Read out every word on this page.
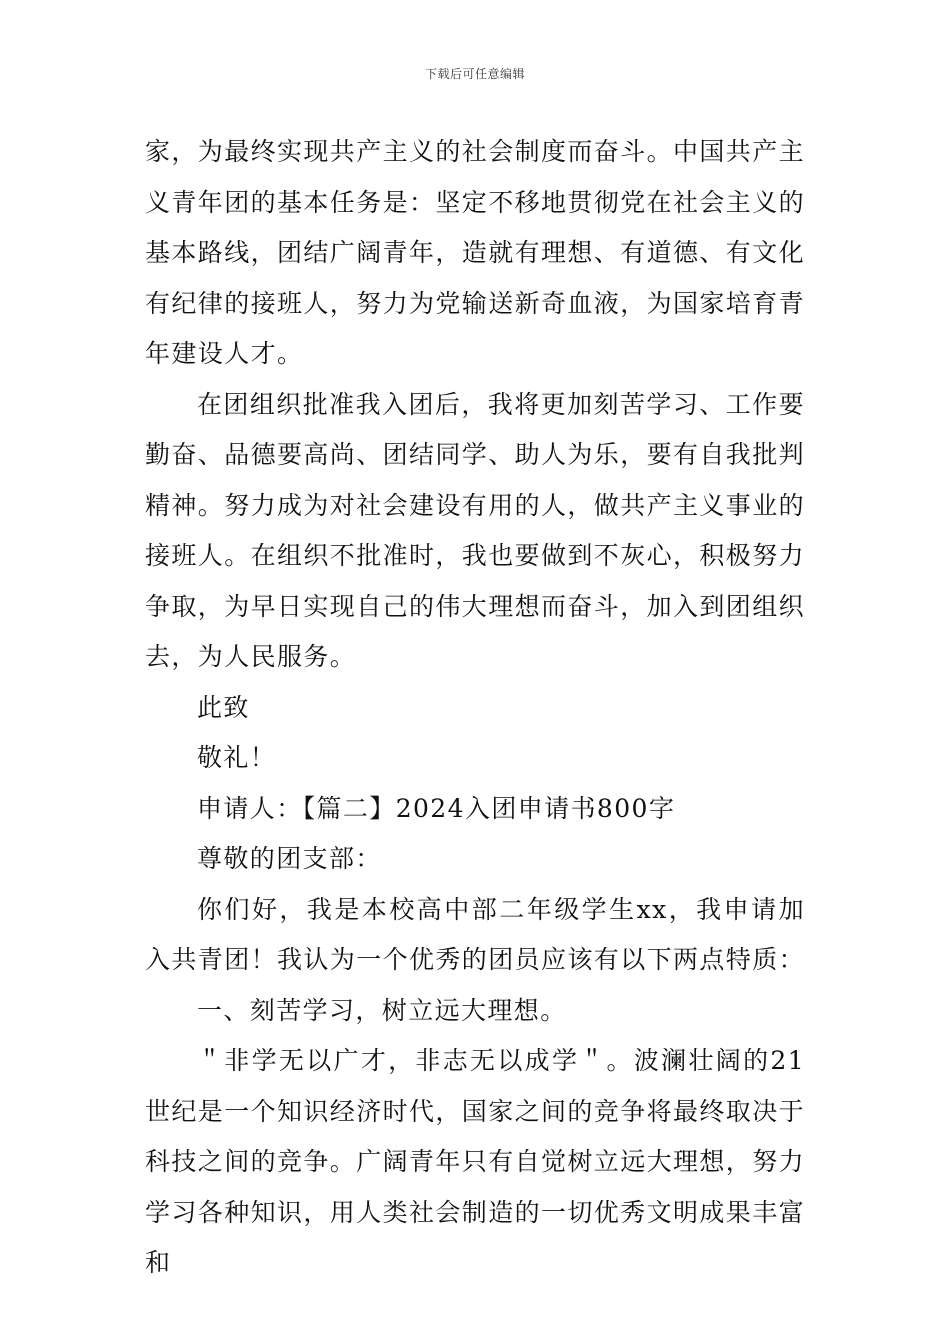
下载后可任意编辑

家，为最终实现共产主义的社会制度而奋斗。中国共产主义青年团的基本任务是：坚定不移地贯彻党在社会主义的基本路线，团结广阔青年，造就有理想、有道德、有文化有纪律的接班人，努力为党输送新奇血液，为国家培育青年建设人才。

在团组织批准我入团后，我将更加刻苦学习、工作要勤奋、品德要高尚、团结同学、助人为乐，要有自我批判精神。努力成为对社会建设有用的人，做共产主义事业的接班人。在组织不批准时，我也要做到不灰心，积极努力争取，为早日实现自己的伟大理想而奋斗，加入到团组织去，为人民服务。

此致

敬礼！

申请人：【篇二】2024入团申请书800字

尊敬的团支部：

你们好，我是本校高中部二年级学生xx，我申请加入共青团！我认为一个优秀的团员应该有以下两点特质：

一、刻苦学习，树立远大理想。

＂非学无以广才，非志无以成学＂。波澜壮阔的21世纪是一个知识经济时代，国家之间的竞争将最终取决于科技之间的竞争。广阔青年只有自觉树立远大理想，努力学习各种知识，用人类社会制造的一切优秀文明成果丰富和
